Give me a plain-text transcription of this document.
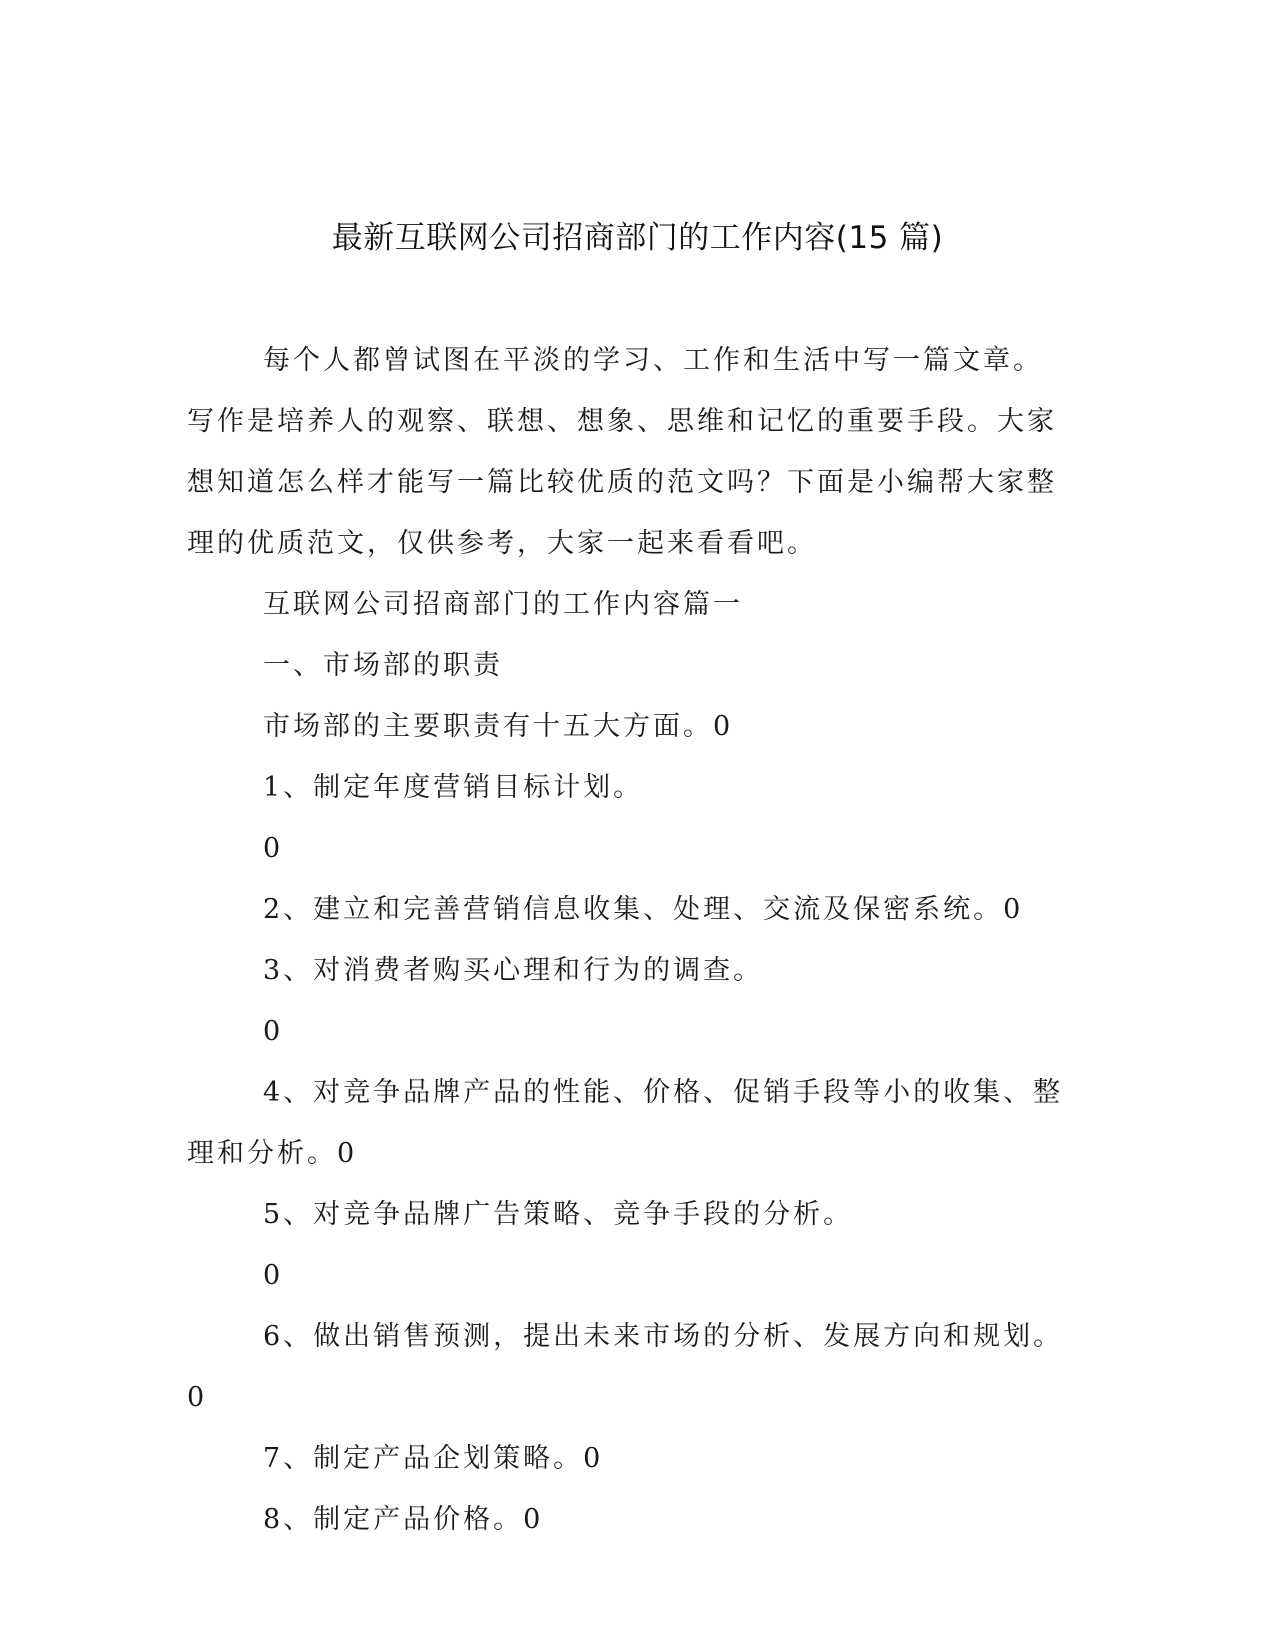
最新互联网公司招商部门的工作内容(15 篇)

每个人都曾试图在平淡的学习、工作和生活中写一篇文章。写作是培养人的观察、联想、想象、思维和记忆的重要手段。大家想知道怎么样才能写一篇比较优质的范文吗？下面是小编帮大家整理的优质范文，仅供参考，大家一起来看看吧。

互联网公司招商部门的工作内容篇一

一、市场部的职责

市场部的主要职责有十五大方面。0

1、制定年度营销目标计划。

0

2、建立和完善营销信息收集、处理、交流及保密系统。0

3、对消费者购买心理和行为的调查。

0

4、对竞争品牌产品的性能、价格、促销手段等小的收集、整理和分析。0

5、对竞争品牌广告策略、竞争手段的分析。

0

6、做出销售预测，提出未来市场的分析、发展方向和规划。0

7、制定产品企划策略。0

8、制定产品价格。0
